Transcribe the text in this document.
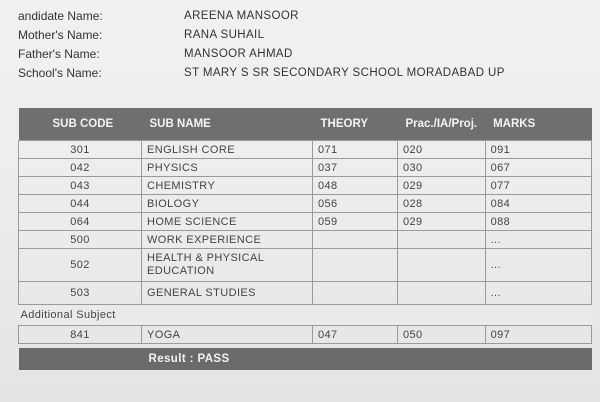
andidate Name:	AREENA MANSOOR
Mother's Name:	RANA SUHAIL
Father's Name:	MANSOOR AHMAD
School's Name:	ST MARY S SR SECONDARY SCHOOL MORADABAD UP
SUB CODE	SUB NAME	THEORY	Prac./IA/Proj.	MARKS
301	ENGLISH CORE	071	020	091
042	PHYSICS	037	030	067
043	CHEMISTRY	048	029	077
044	BIOLOGY	056	028	084
064	HOME SCIENCE	059	029	088
500	WORK EXPERIENCE			...
502	HEALTH & PHYSICAL EDUCATION			...
503	GENERAL STUDIES			...
Additional Subject				
841	YOGA	047	050	097

Result : PASS				
